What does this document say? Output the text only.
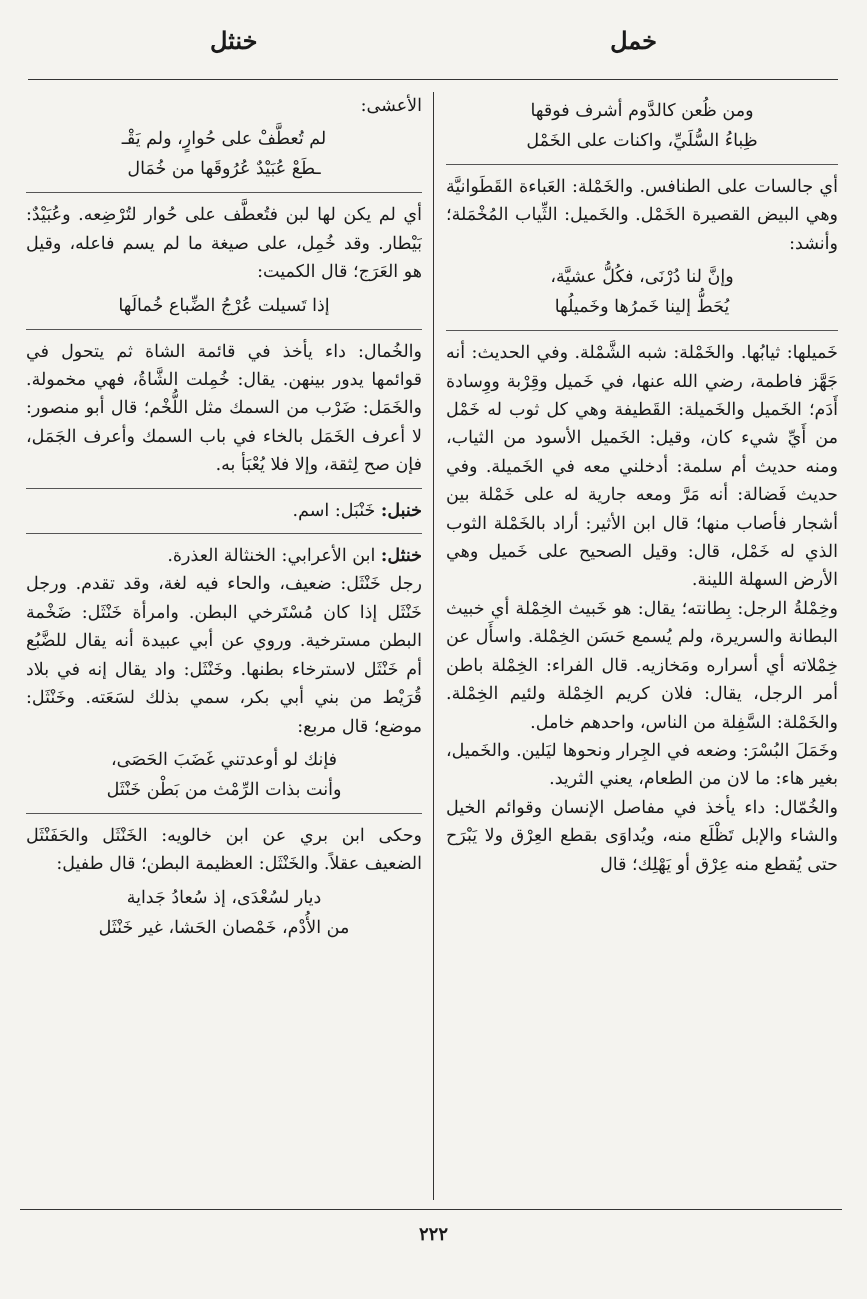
خمل
خنثل
ومن ظُعن كالدَّوم أشرف فوقها
ظِباءُ السُّلَيِّ، واكنات على الخَمْل

أي جالسات على الطنافس. والخَمْلة: العَباءة القَطَوانيَّة وهي البيض القصيرة الخَمْل. والخَميل: الثِّياب المُخْمَلة؛ وأنشد:

وإنَّ لنا دُرْنَى، فكُلُّ عشيَّة،
يُحَطُّ إلينا خَمرُها وخَميلُها

خَميلها: ثيابُها. والخَمْلة: شبه الشَّمْلة. وفي الحديث: أنه جَهَّز فاطمة، رضي الله عنها، في خَميل وقِرْبة ووِسادة أَدَم؛ الخَميل والخَميلة: القَطيفة وهي كل ثوب له خَمْل من أَيِّ شيء كان، وقيل: الخَميل الأسود من الثياب، ومنه حديث أم سلمة: أدخلني معه في الخَميلة. وفي حديث فَضالة: أنه مَرَّ ومعه جارية له على خَمْلة بين أشجار فأصاب منها؛ قال ابن الأثير: أراد بالخَمْلة الثوب الذي له خَمْل، قال: وقيل الصحيح على خَميل وهي الأرض السهلة اللينة.

وخِمْلةُ الرجل: بِطانته؛ يقال: هو خَبيث الخِمْلة أي خبيث البطانة والسريرة، ولم يُسمع حَسَن الخِمْلة. واسأَل عن خِمْلاته أي أسراره ومَخازيه. قال الفراء: الخِمْلة باطن أمر الرجل، يقال: فلان كريم الخِمْلة ولئيم الخِمْلة. والخَمْلة: السَّفِلة من الناس، واحدهم خامل.

وخَمَلَ البُسْرَ: وضعه في الجِرار ونحوها ليَلين. والخَميل، بغير هاء: ما لان من الطعام، يعني الثريد.

والخُمّال: داء يأخذ في مفاصل الإنسان وقوائم الخيل والشاء والإبل تَظْلَع منه، ويُداوَى بقطع العِرْق ولا يَبْرَح حتى يُقطع منه عِرْق أو يَهْلِك؛ قال

الأعشى:

لم تُعطَّفْ على حُوارٍ، ولم يَقْـ
ـطَعْ عُبَيْدٌ عُرُوقَها من خُمَال

أي لم يكن لها لبن فتُعطَّف على حُوار لتُرْضِعه. وعُبَيْدٌ: بَيْطار. وقد خُمِل، على صيغة ما لم يسم فاعله، وقيل هو العَرَج؛ قال الكميت:

إذا تَسيلت عُرْجُ الضِّباع خُمالَها

والخُمال: داء يأخذ في قائمة الشاة ثم يتحول في قوائمها يدور بينهن. يقال: خُمِلت الشَّاةُ، فهي مخمولة. والخَمَل: ضَرْب من السمك مثل اللُّخْم؛ قال أبو منصور: لا أعرف الخَمَل بالخاء في باب السمك وأعرف الجَمَل، فإن صح لِثقة، وإلا فلا يُعْبَأ به.

خنبل: خَنْبَل: اسم.

خنثل: ابن الأعرابي: الخنثالة العذرة.

رجل خَنْثَل: ضعيف، والحاء فيه لغة، وقد تقدم. ورجل خَنْثَل إذا كان مُسْتَرخي البطن. وامرأة خَنْثَل: ضَخْمة البطن مسترخية. وروي عن أبي عبيدة أنه يقال للضَّبُع أم خَنْثَل لاسترخاء بطنها. وخَنْثَل: واد يقال إنه في بلاد قُرَيْط من بني أبي بكر، سمي بذلك لسَعَته. وخَنْثَل: موضع؛ قال مربع:

فإنك لو أوعدتني غَضَبَ الحَصَى،
وأنت بذات الرِّمْث من بَطْن خَنْثَل

وحكى ابن بري عن ابن خالويه: الخَنْثَل والحَفَنْثَل الضعيف عقلاً. والخَنْثَل: العظيمة البطن؛ قال طفيل:

ديار لسُعْدَى، إذ سُعادُ جَداية
من الأُدْم، خَمْصان الحَشا، غير خَنْثَل
٢٢٢
